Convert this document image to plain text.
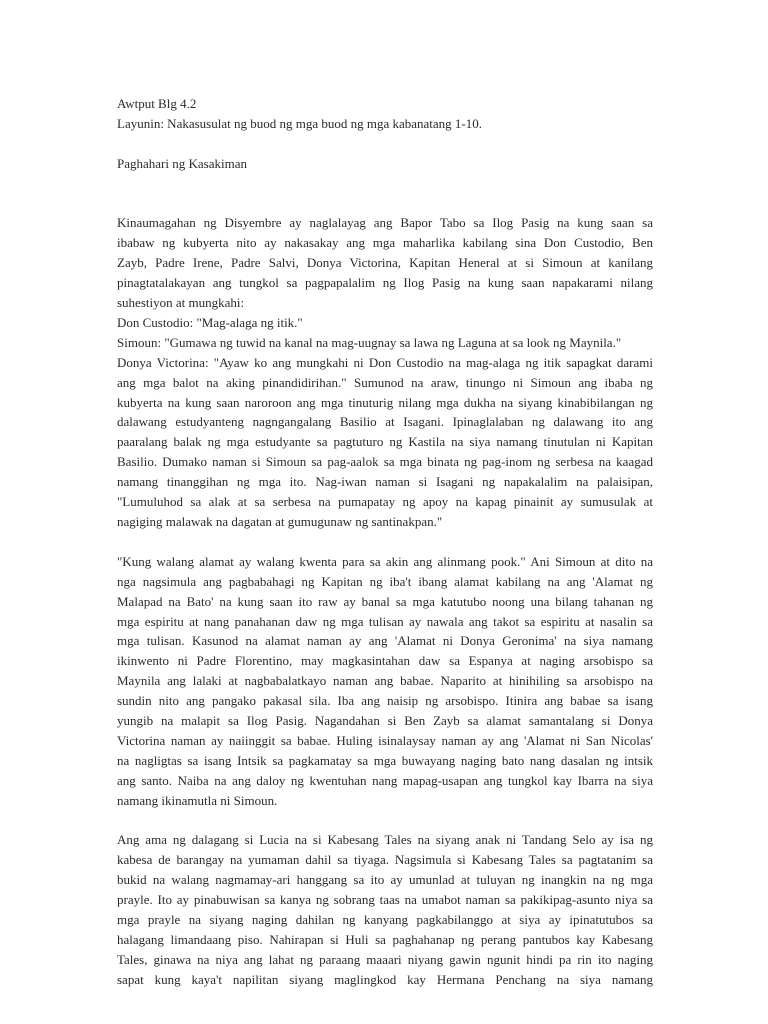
Awtput Blg 4.2
Layunin: Nakasusulat ng buod ng mga buod ng mga kabanatang 1-10.
Paghahari ng Kasakiman
Kinaumagahan ng Disyembre ay naglalayag ang Bapor Tabo sa Ilog Pasig na kung saan sa
ibabaw ng kubyerta nito ay nakasakay ang mga maharlika kabilang sina Don Custodio, Ben
Zayb, Padre Irene, Padre Salvi, Donya Victorina, Kapitan Heneral at si Simoun at kanilang
pinagtatalakayan ang tungkol sa pagpapalalim ng Ilog Pasig na kung saan napakarami nilang
suhestiyon at mungkahi:
Don Custodio: "Mag-alaga ng itik."
Simoun: "Gumawa ng tuwid na kanal na mag-uugnay sa lawa ng Laguna at sa look ng Maynila."
Donya Victorina: "Ayaw ko ang mungkahi ni Don Custodio na mag-alaga ng itik sapagkat darami
ang mga balot na aking pinandidirihan." Sumunod na araw, tinungo ni Simoun ang ibaba ng
kubyerta na kung saan naroroon ang mga tinuturig nilang mga dukha na siyang kinabibilangan ng
dalawang estudyanteng nagngangalang Basilio at Isagani. Ipinaglalaban ng dalawang ito ang
paaralang balak ng mga estudyante sa pagtuturo ng Kastila na siya namang tinutulan ni Kapitan
Basilio. Dumako naman si Simoun sa pag-aalok sa mga binata ng pag-inom ng serbesa na kaagad
namang tinanggihan ng mga ito. Nag-iwan naman si Isagani ng napakalalim na palaisipan,
"Lumuluhod sa alak at sa serbesa na pumapatay ng apoy na kapag pinainit ay sumusulak at
nagiging malawak na dagatan at gumugunaw ng santinakpan."
"Kung walang alamat ay walang kwenta para sa akin ang alinmang pook." Ani Simoun at dito na
nga nagsimula ang pagbabahagi ng Kapitan ng iba't ibang alamat kabilang na ang 'Alamat ng
Malapad na Bato' na kung saan ito raw ay banal sa mga katutubo noong una bilang tahanan ng
mga espiritu at nang panahanan daw ng mga tulisan ay nawala ang takot sa espiritu at nasalin sa
mga tulisan. Kasunod na alamat naman ay ang 'Alamat ni Donya Geronima' na siya namang
ikinwento ni Padre Florentino, may magkasintahan daw sa Espanya at naging arsobispo sa
Maynila ang lalaki at nagbabalatkayo naman ang babae. Naparito at hinihiling sa arsobispo na
sundin nito ang pangako pakasal sila. Iba ang naisip ng arsobispo. Itinira ang babae sa isang
yungib na malapit sa Ilog Pasig. Nagandahan si Ben Zayb sa alamat samantalang si Donya
Victorina naman ay naiinggit sa babae. Huling isinalaysay naman ay ang 'Alamat ni San Nicolas'
na nagligtas sa isang Intsik sa pagkamatay sa mga buwayang naging bato nang dasalan ng intsik
ang santo. Naiba na ang daloy ng kwentuhan nang mapag-usapan ang tungkol kay Ibarra na siya
namang ikinamutla ni Simoun.
Ang ama ng dalagang si Lucia na si Kabesang Tales na siyang anak ni Tandang Selo ay isa ng
kabesa de barangay na yumaman dahil sa tiyaga. Nagsimula si Kabesang Tales sa pagtatanim sa
bukid na walang nagmamay-ari hanggang sa ito ay umunlad at tuluyan ng inangkin na ng mga
prayle. Ito ay pinabuwisan sa kanya ng sobrang taas na umabot naman sa pakikipag-asunto niya sa
mga prayle na siyang naging dahilan ng kanyang pagkabilanggo at siya ay ipinatutubos sa
halagang limandaang piso. Nahirapan si Huli sa paghahanap ng perang pantubos kay Kabesang
Tales, ginawa na niya ang lahat ng paraang maaari niyang gawin ngunit hindi pa rin ito naging
sapat kung kaya't napilitan siyang maglingkod kay Hermana Penchang na siya namang
